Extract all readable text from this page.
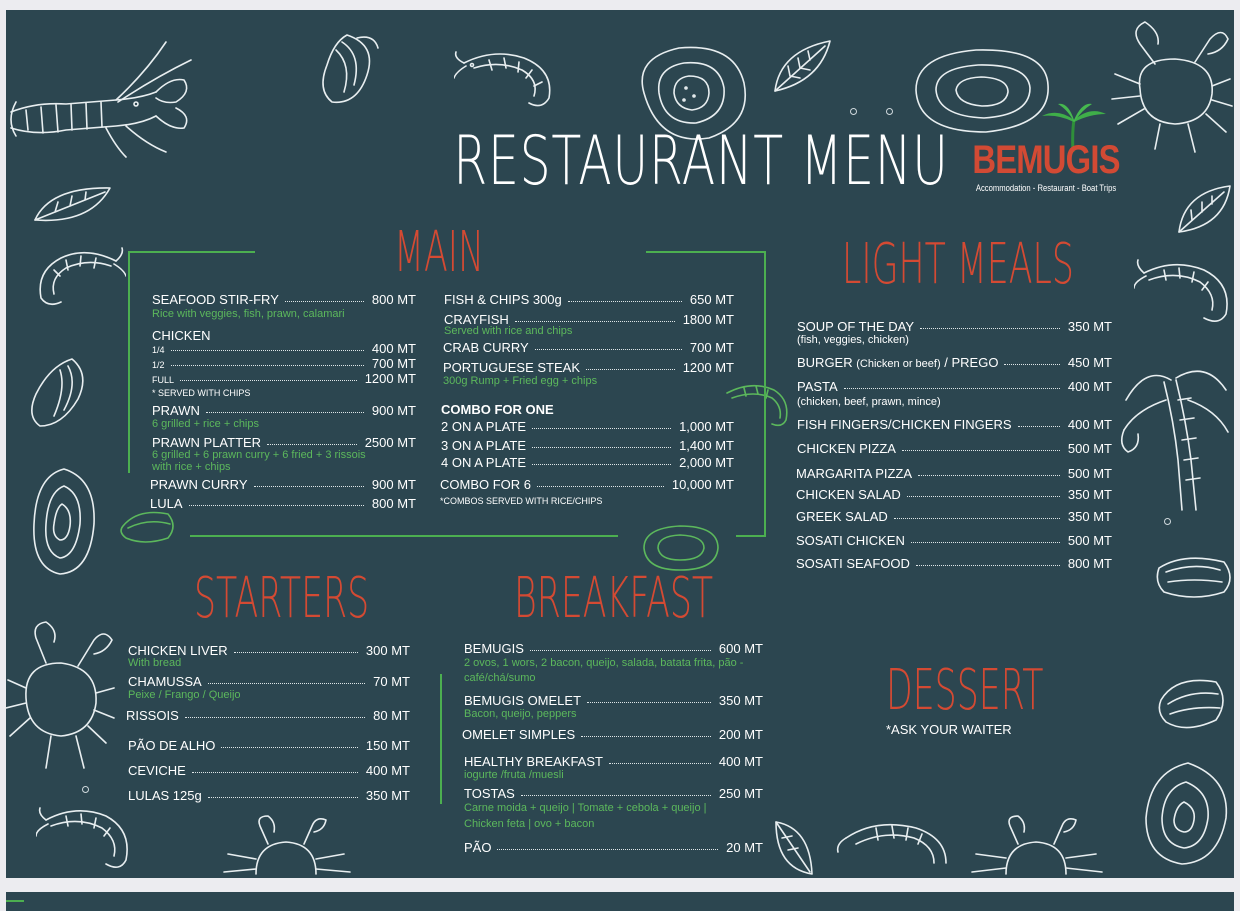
RESTAURANT MENU BEMUGIS
Accommodation - Restaurant - Boat Trips
MAIN
SEAFOOD STIR-FRY	800 MT
Rice with veggies, fish, prawn, calamari
CHICKEN
1/4	400 MT
1/2	700 MT
FULL	1200 MT
* SERVED WITH CHIPS
PRAWN	900 MT
6 grilled + rice + chips
PRAWN PLATTER	2500 MT
6 grilled + 6 prawn curry + 6 fried + 3 rissois
with rice + chips
PRAWN CURRY	900 MT
LULA	800 MT
FISH & CHIPS 300g	650 MT
CRAYFISH	1800 MT
Served with rice and chips
CRAB CURRY	700 MT
PORTUGUESE STEAK	1200 MT
300g Rump + Fried egg + chips
COMBO FOR ONE
2 ON A PLATE	1,000 MT
3 ON A PLATE	1,400 MT
4 ON A PLATE	2,000 MT
COMBO FOR 6	10,000 MT
*COMBOS SERVED WITH RICE/CHIPS
LIGHT MEALS
SOUP OF THE DAY	350 MT
(fish, veggies, chicken)
BURGER (Chicken or beef) / PREGO	450 MT
PASTA	400 MT
(chicken, beef, prawn, mince)
FISH FINGERS/CHICKEN FINGERS	400 MT
CHICKEN PIZZA	500 MT
MARGARITA PIZZA	500 MT
CHICKEN SALAD	350 MT
GREEK SALAD	350 MT
SOSATI CHICKEN	500 MT
SOSATI SEAFOOD	800 MT
STARTERS
CHICKEN LIVER	300 MT
With bread
CHAMUSSA	70 MT
Peixe / Frango / Queijo
RISSOIS	80 MT
PÃO DE ALHO	150 MT
CEVICHE	400 MT
LULAS 125g	350 MT
BREAKFAST
BEMUGIS	600 MT
2 ovos, 1 wors, 2 bacon, queijo, salada, batata frita, pão -
café/chá/sumo
BEMUGIS OMELET	350 MT
Bacon, queijo, peppers
OMELET SIMPLES	200 MT
HEALTHY BREAKFAST	400 MT
iogurte /fruta /muesli
TOSTAS	250 MT
Carne moida + queijo | Tomate + cebola + queijo |
Chicken feta | ovo + bacon
PÃO	20 MT
DESSERT
*ASK YOUR WAITER
